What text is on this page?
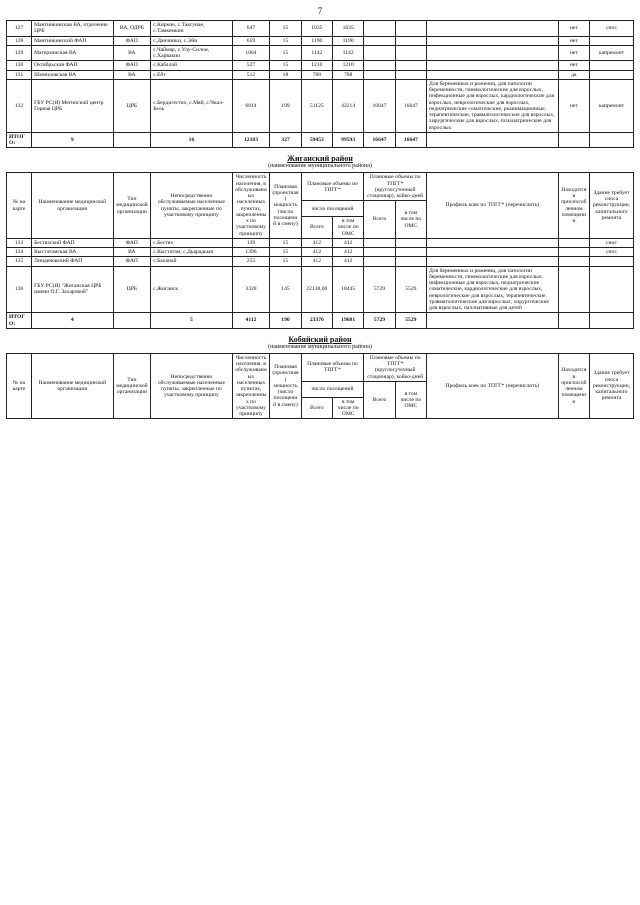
7
127	Мантинкинская ВА, отделение ЦРБ	ВА, ОДРБ	с.Киркие, с.Таксунае, с.Тамкемкин	647	15	1035	1035				нет	снос
128	Мантинкинский ФАП	ФАП	с.Данчинки, с.Эйн	659	15	1190	1190				нет	
129	Матерзинская ВА	ВА	с.Чаймар, с.Улу-Силон, с.Харвакии	1064	15	1142	1142				нет	капремонт
130	Октябрьская ФАП	ФАП	с.Кабалай	527	15	1210	1210				нет	
131	Шомиловская ВА	ВА	с.Ебт	512	18	788	788				да	
132	ГБУ РС(Я) Мегинский центр Горная ЦРБ	ЦРБ	с.Бердигестях, с.Мяй, с.Чкал-Бель	6814	199	51125	42214	16647	16647	Для беременных и рожениц, для патологии беременности, гинекологические для взрослых, инфекционные для взрослых, кардиологические для взрослых, неврологические для взрослых, педиатрические соматические, реанимационные, терапевтические, травматологические для взрослых, хирургические для взрослых, психиатрические для взрослых	нет	капремонт
ИТОГО:	9		16	12103	327	59453	99593	16647	16647			
Жиганский район
(наименование муниципального района)
№ на карте	Наименование медицинской организации	Тип медицинской организации	Непосредственно обслуживаемые населенные пункты, закрепленные по участковому принципу	Численность населения, в обслуживаемых населенных пунктах, закрепленных по участковому принципу	Плановая (проектная) мощность (число посещений в смену)	Плановые объемы по ТПГГ*		Плановые объемы по ТПГГ* (круглосуточный стационар), койко-дней		Профиль коек по ТПГГ* (перечислить)	Находится в приспособленном помещении	Здание требует сноса реконструкции, капитального ремонта
						число посещений		Всего	в том числе по ОМС			
						Всего	в том числе по ОМС					
133	Бестяхский ФАП	ФАП	с.Бестях	139	15	412	412					снос
134	Кыстатамская ВА	ВА	с.Кыстатам, с.Дьарадьын	1396	15	412	412					снос
135	Линденовский ФАП	ФАП	с.Баханай	255	15	412	412					
136	ГБУ РС(Я) "Жиганская ЦРБ имени О.Г. Захаровой"	ЦРБ	с.Жиганск	3328	145	22138,00	18445	5729	5529	Для беременных и рожениц, для патологии беременности, гинекологические для взрослых, инфекционные для взрослых, педиатрические соматические, кардиологические для взрослых, неврологические для взрослых, терапевтические, травматологические для взрослых, хирургические для взрослых, паллиативные для детей		
ИТОГО:	4		5	4112	190	23376	19681	5729	5529			
Кобяйский район
(наименование муниципального района)
№ на карте	Наименование медицинской организации	Тип медицинской организации	Непосредственно обслуживаемые населенные пункты, закрепленные по участковому принципу	Численность населения, в обслуживаемых населенных пунктах, закрепленных по участковому принципу	Плановая (проектная) мощность (число посещений в смену)	Плановые объемы по ТПГГ*		Плановые объемы по ТПГГ* (круглосуточный стационар), койко-дней		Профиль коек по ТПГГ* (перечислить)	Находится в приспособленном помещении	Здание требует сноса реконструкции, капитального ремонта
						число посещений		Всего	в том числе по ОМС			
						Всего	в том числе по ОМС					
